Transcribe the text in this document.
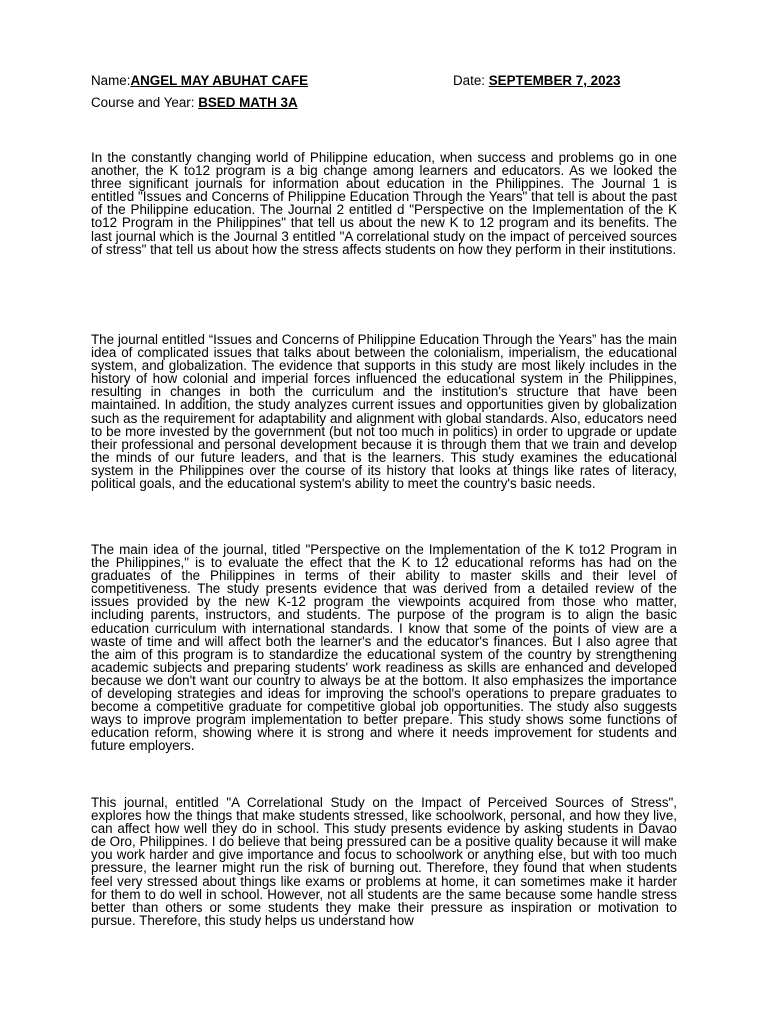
Name:ANGEL MAY ABUHAT CAFE	Date: SEPTEMBER 7, 2023
Course and Year: BSED MATH 3A

In the constantly changing world of Philippine education, when success and problems go in one another, the K to12 program is a big change among learners and educators. As we looked the three significant journals for information about education in the Philippines. The Journal 1 is entitled "Issues and Concerns of Philippine Education Through the Years" that tell is about the past of the Philippine education. The Journal 2 entitled d "Perspective on the Implementation of the K to12 Program in the Philippines" that tell us about the new K to 12 program and its benefits. The last journal which is the Journal 3 entitled "A correlational study on the impact of perceived sources of stress" that tell us about how the stress affects students on how they perform in their institutions.

The journal entitled “Issues and Concerns of Philippine Education Through the Years” has the main idea of complicated issues that talks about between the colonialism, imperialism, the educational system, and globalization. The evidence that supports in this study are most likely includes in the history of how colonial and imperial forces influenced the educational system in the Philippines, resulting in changes in both the curriculum and the institution's structure that have been maintained. In addition, the study analyzes current issues and opportunities given by globalization such as the requirement for adaptability and alignment with global standards. Also, educators need to be more invested by the government (but not too much in politics) in order to upgrade or update their professional and personal development because it is through them that we train and develop the minds of our future leaders, and that is the learners. This study examines the educational system in the Philippines over the course of its history that looks at things like rates of literacy, political goals, and the educational system's ability to meet the country's basic needs.

The main idea of the journal, titled "Perspective on the Implementation of the K to12 Program in the Philippines," is to evaluate the effect that the K to 12 educational reforms has had on the graduates of the Philippines in terms of their ability to master skills and their level of competitiveness. The study presents evidence that was derived from a detailed review of the issues provided by the new K-12 program the viewpoints acquired from those who matter, including parents, instructors, and students. The purpose of the program is to align the basic education curriculum with international standards. I know that some of the points of view are a waste of time and will affect both the learner's and the educator's finances. But I also agree that the aim of this program is to standardize the educational system of the country by strengthening academic subjects and preparing students' work readiness as skills are enhanced and developed because we don't want our country to always be at the bottom. It also emphasizes the importance of developing strategies and ideas for improving the school's operations to prepare graduates to become a competitive graduate for competitive global job opportunities. The study also suggests ways to improve program implementation to better prepare. This study shows some functions of education reform, showing where it is strong and where it needs improvement for students and future employers.

This journal, entitled "A Correlational Study on the Impact of Perceived Sources of Stress", explores how the things that make students stressed, like schoolwork, personal, and how they live, can affect how well they do in school. This study presents evidence by asking students in Davao de Oro, Philippines. I do believe that being pressured can be a positive quality because it will make you work harder and give importance and focus to schoolwork or anything else, but with too much pressure, the learner might run the risk of burning out. Therefore, they found that when students feel very stressed about things like exams or problems at home, it can sometimes make it harder for them to do well in school. However, not all students are the same because some handle stress better than others or some students they make their pressure as inspiration or motivation to pursue. Therefore, this study helps us understand how
